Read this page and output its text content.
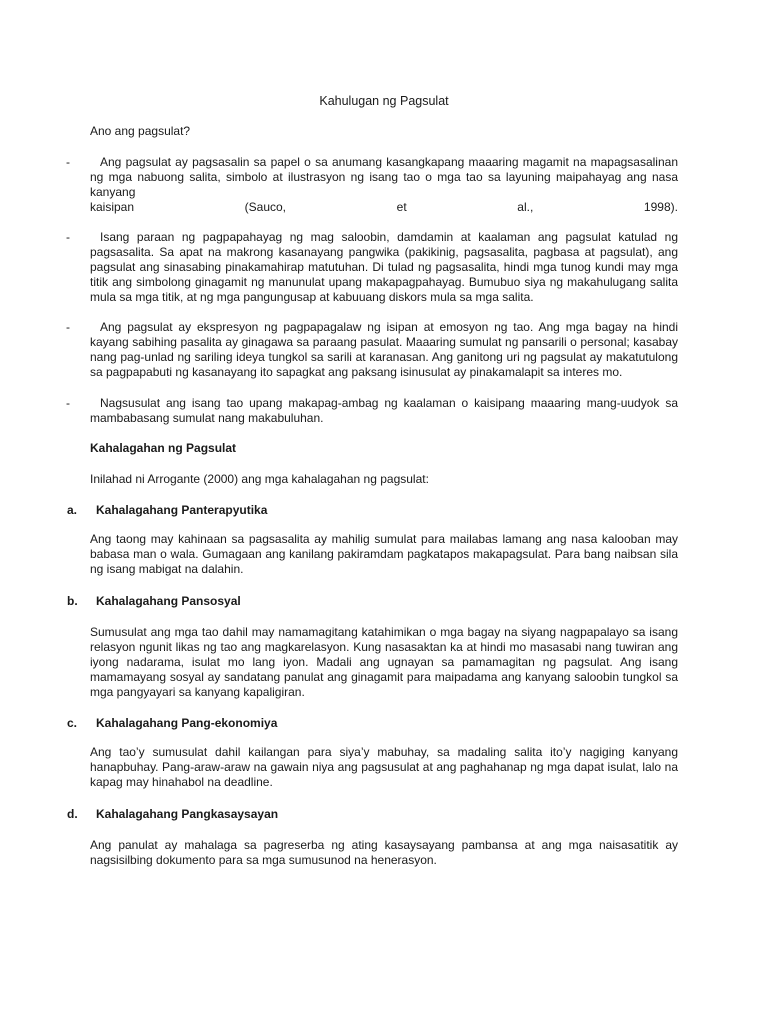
Kahulugan ng Pagsulat
Ano ang pagsulat?
-	Ang pagsulat ay pagsasalin sa papel o sa anumang kasangkapang maaaring magamit na mapagsasalinan ng mga nabuong salita, simbolo at ilustrasyon ng isang tao o mga tao sa layuning maipahayag ang nasa kanyang
kaisipan	(Sauco,	et	al.,	1998).
-	Isang paraan ng pagpapahayag ng mag saloobin, damdamin at kaalaman ang pagsulat katulad ng pagsasalita. Sa apat na makrong kasanayang pangwika (pakikinig, pagsasalita, pagbasa at pagsulat), ang pagsulat ang sinasabing pinakamahirap matutuhan. Di tulad ng pagsasalita, hindi mga tunog kundi may mga titik ang simbolong ginagamit ng manunulat upang makapagpahayag. Bumubuo siya ng makahulugang salita mula sa mga titik, at ng mga pangungusap at kabuuang diskors mula sa mga salita.
-	Ang pagsulat ay ekspresyon ng pagpapagalaw ng isipan at emosyon ng tao. Ang mga bagay na hindi kayang sabihing pasalita ay ginagawa sa paraang pasulat. Maaaring sumulat ng pansarili o personal; kasabay nang pag-unlad ng sariling ideya tungkol sa sarili at karanasan. Ang ganitong uri ng pagsulat ay makatutulong sa pagpapabuti ng kasanayang ito sapagkat ang paksang isinusulat ay pinakamalapit sa interes mo.
-	Nagsusulat ang isang tao upang makapag-ambag ng kaalaman o kaisipang maaaring mang-uudyok sa mambabasang sumulat nang makabuluhan.
Kahalagahan ng Pagsulat
Inilahad ni Arrogante (2000) ang mga kahalagahan ng pagsulat:
a. Kahalagahang Panterapyutika
Ang taong may kahinaan sa pagsasalita ay mahilig sumulat para mailabas lamang ang nasa kalooban may babasa man o wala. Gumagaan ang kanilang pakiramdam pagkatapos makapagsulat. Para bang naibsan sila ng isang mabigat na dalahin.
b. Kahalagahang Pansosyal
Sumusulat ang mga tao dahil may namamagitang katahimikan o mga bagay na siyang nagpapalayo sa isang relasyon ngunit likas ng tao ang magkarelasyon. Kung nasasaktan ka at hindi mo masasabi nang tuwiran ang iyong nadarama, isulat mo lang iyon. Madali ang ugnayan sa pamamagitan ng pagsulat. Ang isang mamamayang sosyal ay sandatang panulat ang ginagamit para maipadama ang kanyang saloobin tungkol sa mga pangyayari sa kanyang kapaligiran.
c. Kahalagahang Pang-ekonomiya
Ang tao’y sumusulat dahil kailangan para siya’y mabuhay, sa madaling salita ito’y nagiging kanyang hanapbuhay. Pang-araw-araw na gawain niya ang pagsusulat at ang paghahanap ng mga dapat isulat, lalo na kapag may hinahabol na deadline.
d. Kahalagahang Pangkasaysayan
Ang panulat ay mahalaga sa pagreserba ng ating kasaysayang pambansa at ang mga naisasatitik ay nagsisilbing dokumento para sa mga sumusunod na henerasyon.
